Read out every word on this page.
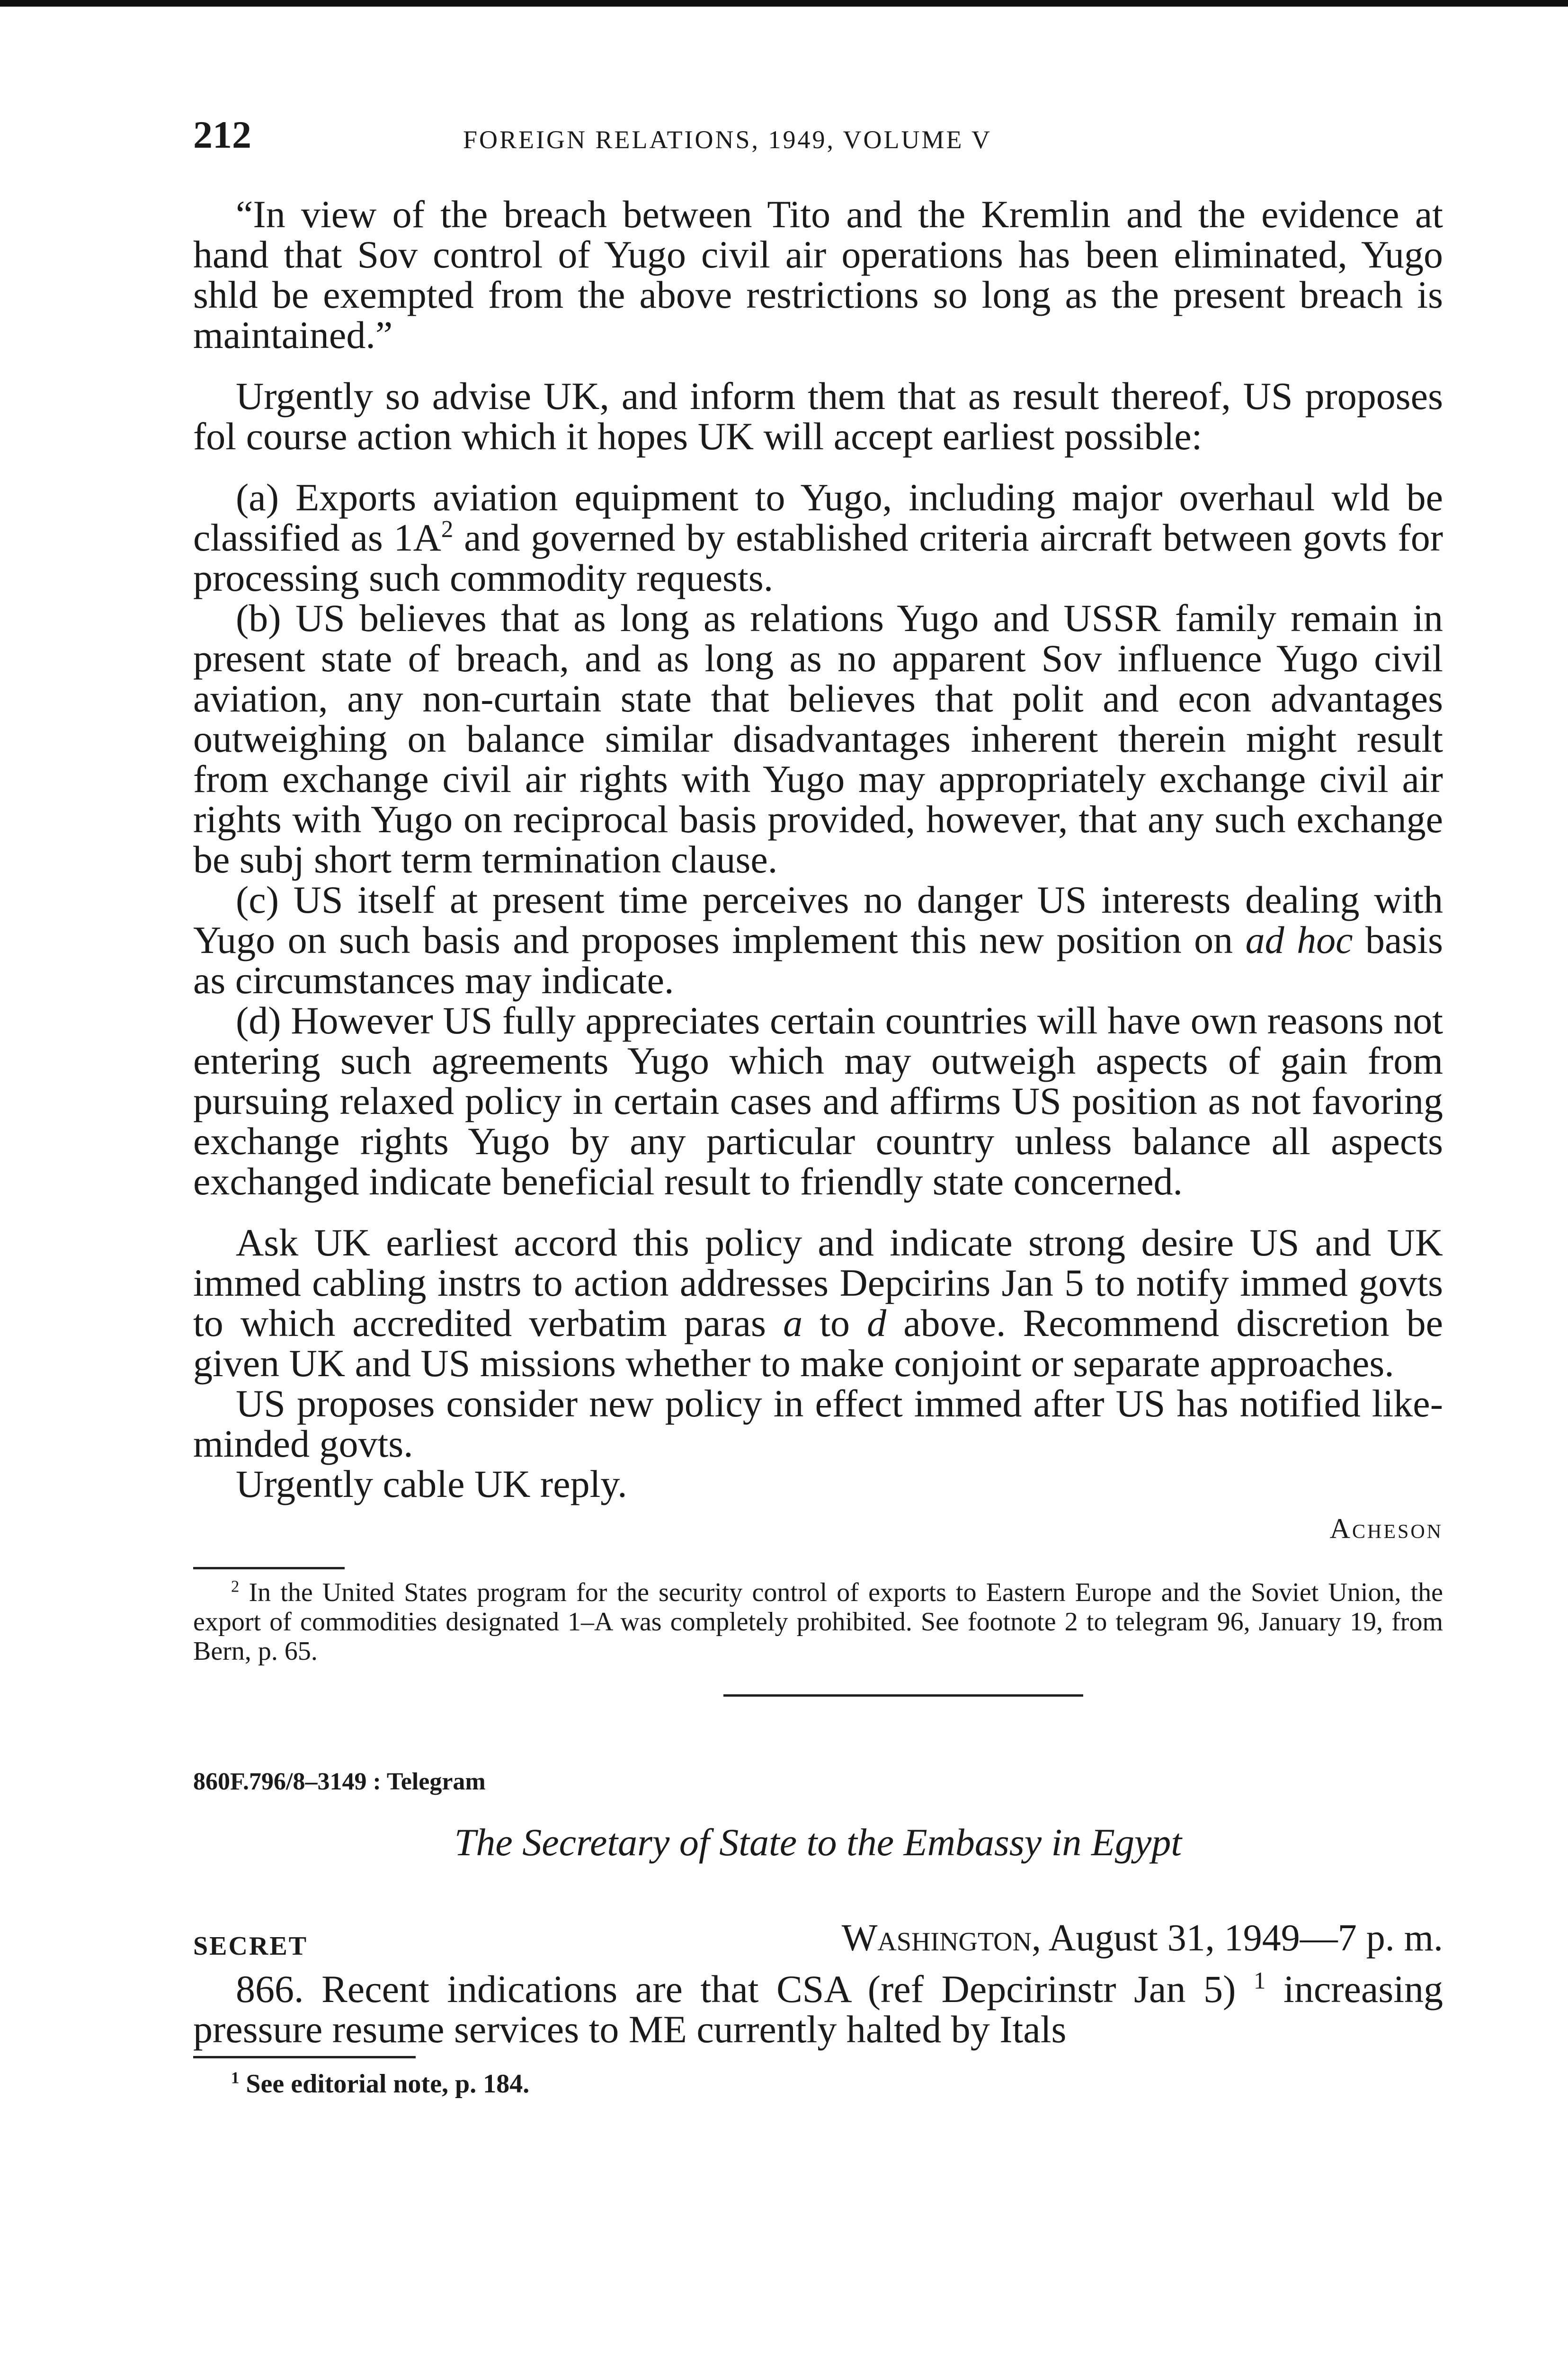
212	FOREIGN RELATIONS, 1949, VOLUME V

“In view of the breach between Tito and the Kremlin and the evidence at hand that Sov control of Yugo civil air operations has been eliminated, Yugo shld be exempted from the above restrictions so long as the present breach is maintained.”

Urgently so advise UK, and inform them that as result thereof, US proposes fol course action which it hopes UK will accept earliest possible:

(a) Exports aviation equipment to Yugo, including major overhaul wld be classified as $1A^2$ and governed by established criteria aircraft between govts for processing such commodity requests.

(b) US believes that as long as relations Yugo and USSR family remain in present state of breach, and as long as no apparent Sov influence Yugo civil aviation, any non-curtain state that believes that polit and econ advantages outweighing on balance similar disadvantages inherent therein might result from exchange civil air rights with Yugo may appropriately exchange civil air rights with Yugo on reciprocal basis provided, however, that any such exchange be subj short term termination clause.

(c) US itself at present time perceives no danger US interests dealing with Yugo on such basis and proposes implement this new position on ad hoc basis as circumstances may indicate.

(d) However US fully appreciates certain countries will have own reasons not entering such agreements Yugo which may outweigh aspects of gain from pursuing relaxed policy in certain cases and affirms US position as not favoring exchange rights Yugo by any particular country unless balance all aspects exchanged indicate beneficial result to friendly state concerned.

Ask UK earliest accord this policy and indicate strong desire US and UK immed cabling instrs to action addresses Depcirins Jan 5 to notify immed govts to which accredited verbatim paras a to d above. Recommend discretion be given UK and US missions whether to make conjoint or separate approaches.

US proposes consider new policy in effect immed after US has notified like-minded govts.

Urgently cable UK reply.

Acheson

$^2$ In the United States program for the security control of exports to Eastern Europe and the Soviet Union, the export of commodities designated 1–A was completely prohibited. See footnote 2 to telegram 96, January 19, from Bern, p. 65.

860F.796/8–3149 : Telegram
The Secretary of State to the Embassy in Egypt
SECRET	Washington, August 31, 1949—7 p. m.

866. Recent indications are that CSA (ref Depcirinstr Jan 5) $^1$ increasing pressure resume services to ME currently halted by Itals

$^1$ See editorial note, p. 184.
